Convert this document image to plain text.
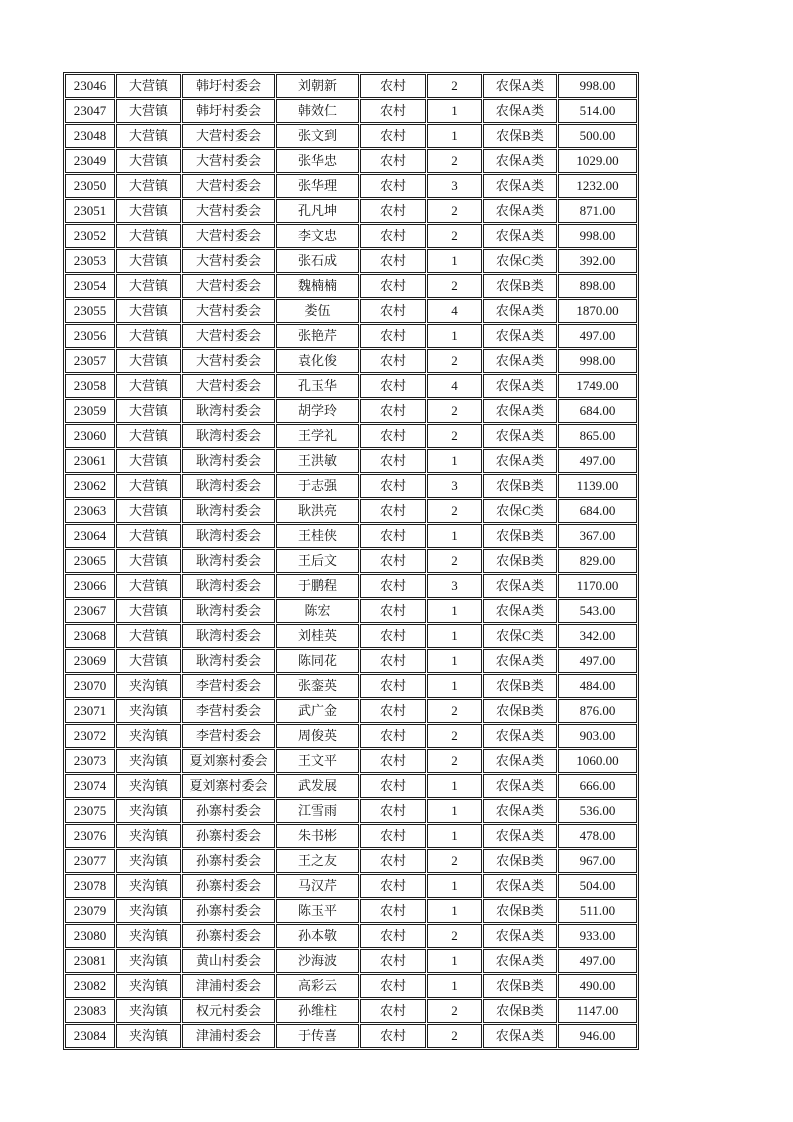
23046	大营镇	韩圩村委会	刘朝新	农村	2	农保A类	998.00
23047	大营镇	韩圩村委会	韩效仁	农村	1	农保A类	514.00
23048	大营镇	大营村委会	张文到	农村	1	农保B类	500.00
23049	大营镇	大营村委会	张华忠	农村	2	农保A类	1029.00
23050	大营镇	大营村委会	张华理	农村	3	农保A类	1232.00
23051	大营镇	大营村委会	孔凡坤	农村	2	农保A类	871.00
23052	大营镇	大营村委会	李文忠	农村	2	农保A类	998.00
23053	大营镇	大营村委会	张石成	农村	1	农保C类	392.00
23054	大营镇	大营村委会	魏楠楠	农村	2	农保B类	898.00
23055	大营镇	大营村委会	娄伍	农村	4	农保A类	1870.00
23056	大营镇	大营村委会	张艳芹	农村	1	农保A类	497.00
23057	大营镇	大营村委会	袁化俊	农村	2	农保A类	998.00
23058	大营镇	大营村委会	孔玉华	农村	4	农保A类	1749.00
23059	大营镇	耿湾村委会	胡学玲	农村	2	农保A类	684.00
23060	大营镇	耿湾村委会	王学礼	农村	2	农保A类	865.00
23061	大营镇	耿湾村委会	王洪敏	农村	1	农保A类	497.00
23062	大营镇	耿湾村委会	于志强	农村	3	农保B类	1139.00
23063	大营镇	耿湾村委会	耿洪亮	农村	2	农保C类	684.00
23064	大营镇	耿湾村委会	王桂侠	农村	1	农保B类	367.00
23065	大营镇	耿湾村委会	王后文	农村	2	农保B类	829.00
23066	大营镇	耿湾村委会	于鹏程	农村	3	农保A类	1170.00
23067	大营镇	耿湾村委会	陈宏	农村	1	农保A类	543.00
23068	大营镇	耿湾村委会	刘桂英	农村	1	农保C类	342.00
23069	大营镇	耿湾村委会	陈同花	农村	1	农保A类	497.00
23070	夹沟镇	李营村委会	张銮英	农村	1	农保B类	484.00
23071	夹沟镇	李营村委会	武广金	农村	2	农保B类	876.00
23072	夹沟镇	李营村委会	周俊英	农村	2	农保A类	903.00
23073	夹沟镇	夏刘寨村委会	王文平	农村	2	农保A类	1060.00
23074	夹沟镇	夏刘寨村委会	武发展	农村	1	农保A类	666.00
23075	夹沟镇	孙寨村委会	江雪雨	农村	1	农保A类	536.00
23076	夹沟镇	孙寨村委会	朱书彬	农村	1	农保A类	478.00
23077	夹沟镇	孙寨村委会	王之友	农村	2	农保B类	967.00
23078	夹沟镇	孙寨村委会	马汉芹	农村	1	农保A类	504.00
23079	夹沟镇	孙寨村委会	陈玉平	农村	1	农保B类	511.00
23080	夹沟镇	孙寨村委会	孙本敬	农村	2	农保A类	933.00
23081	夹沟镇	黄山村委会	沙海波	农村	1	农保A类	497.00
23082	夹沟镇	津浦村委会	高彩云	农村	1	农保B类	490.00
23083	夹沟镇	权元村委会	孙维柱	农村	2	农保B类	1147.00
23084	夹沟镇	津浦村委会	于传喜	农村	2	农保A类	946.00
